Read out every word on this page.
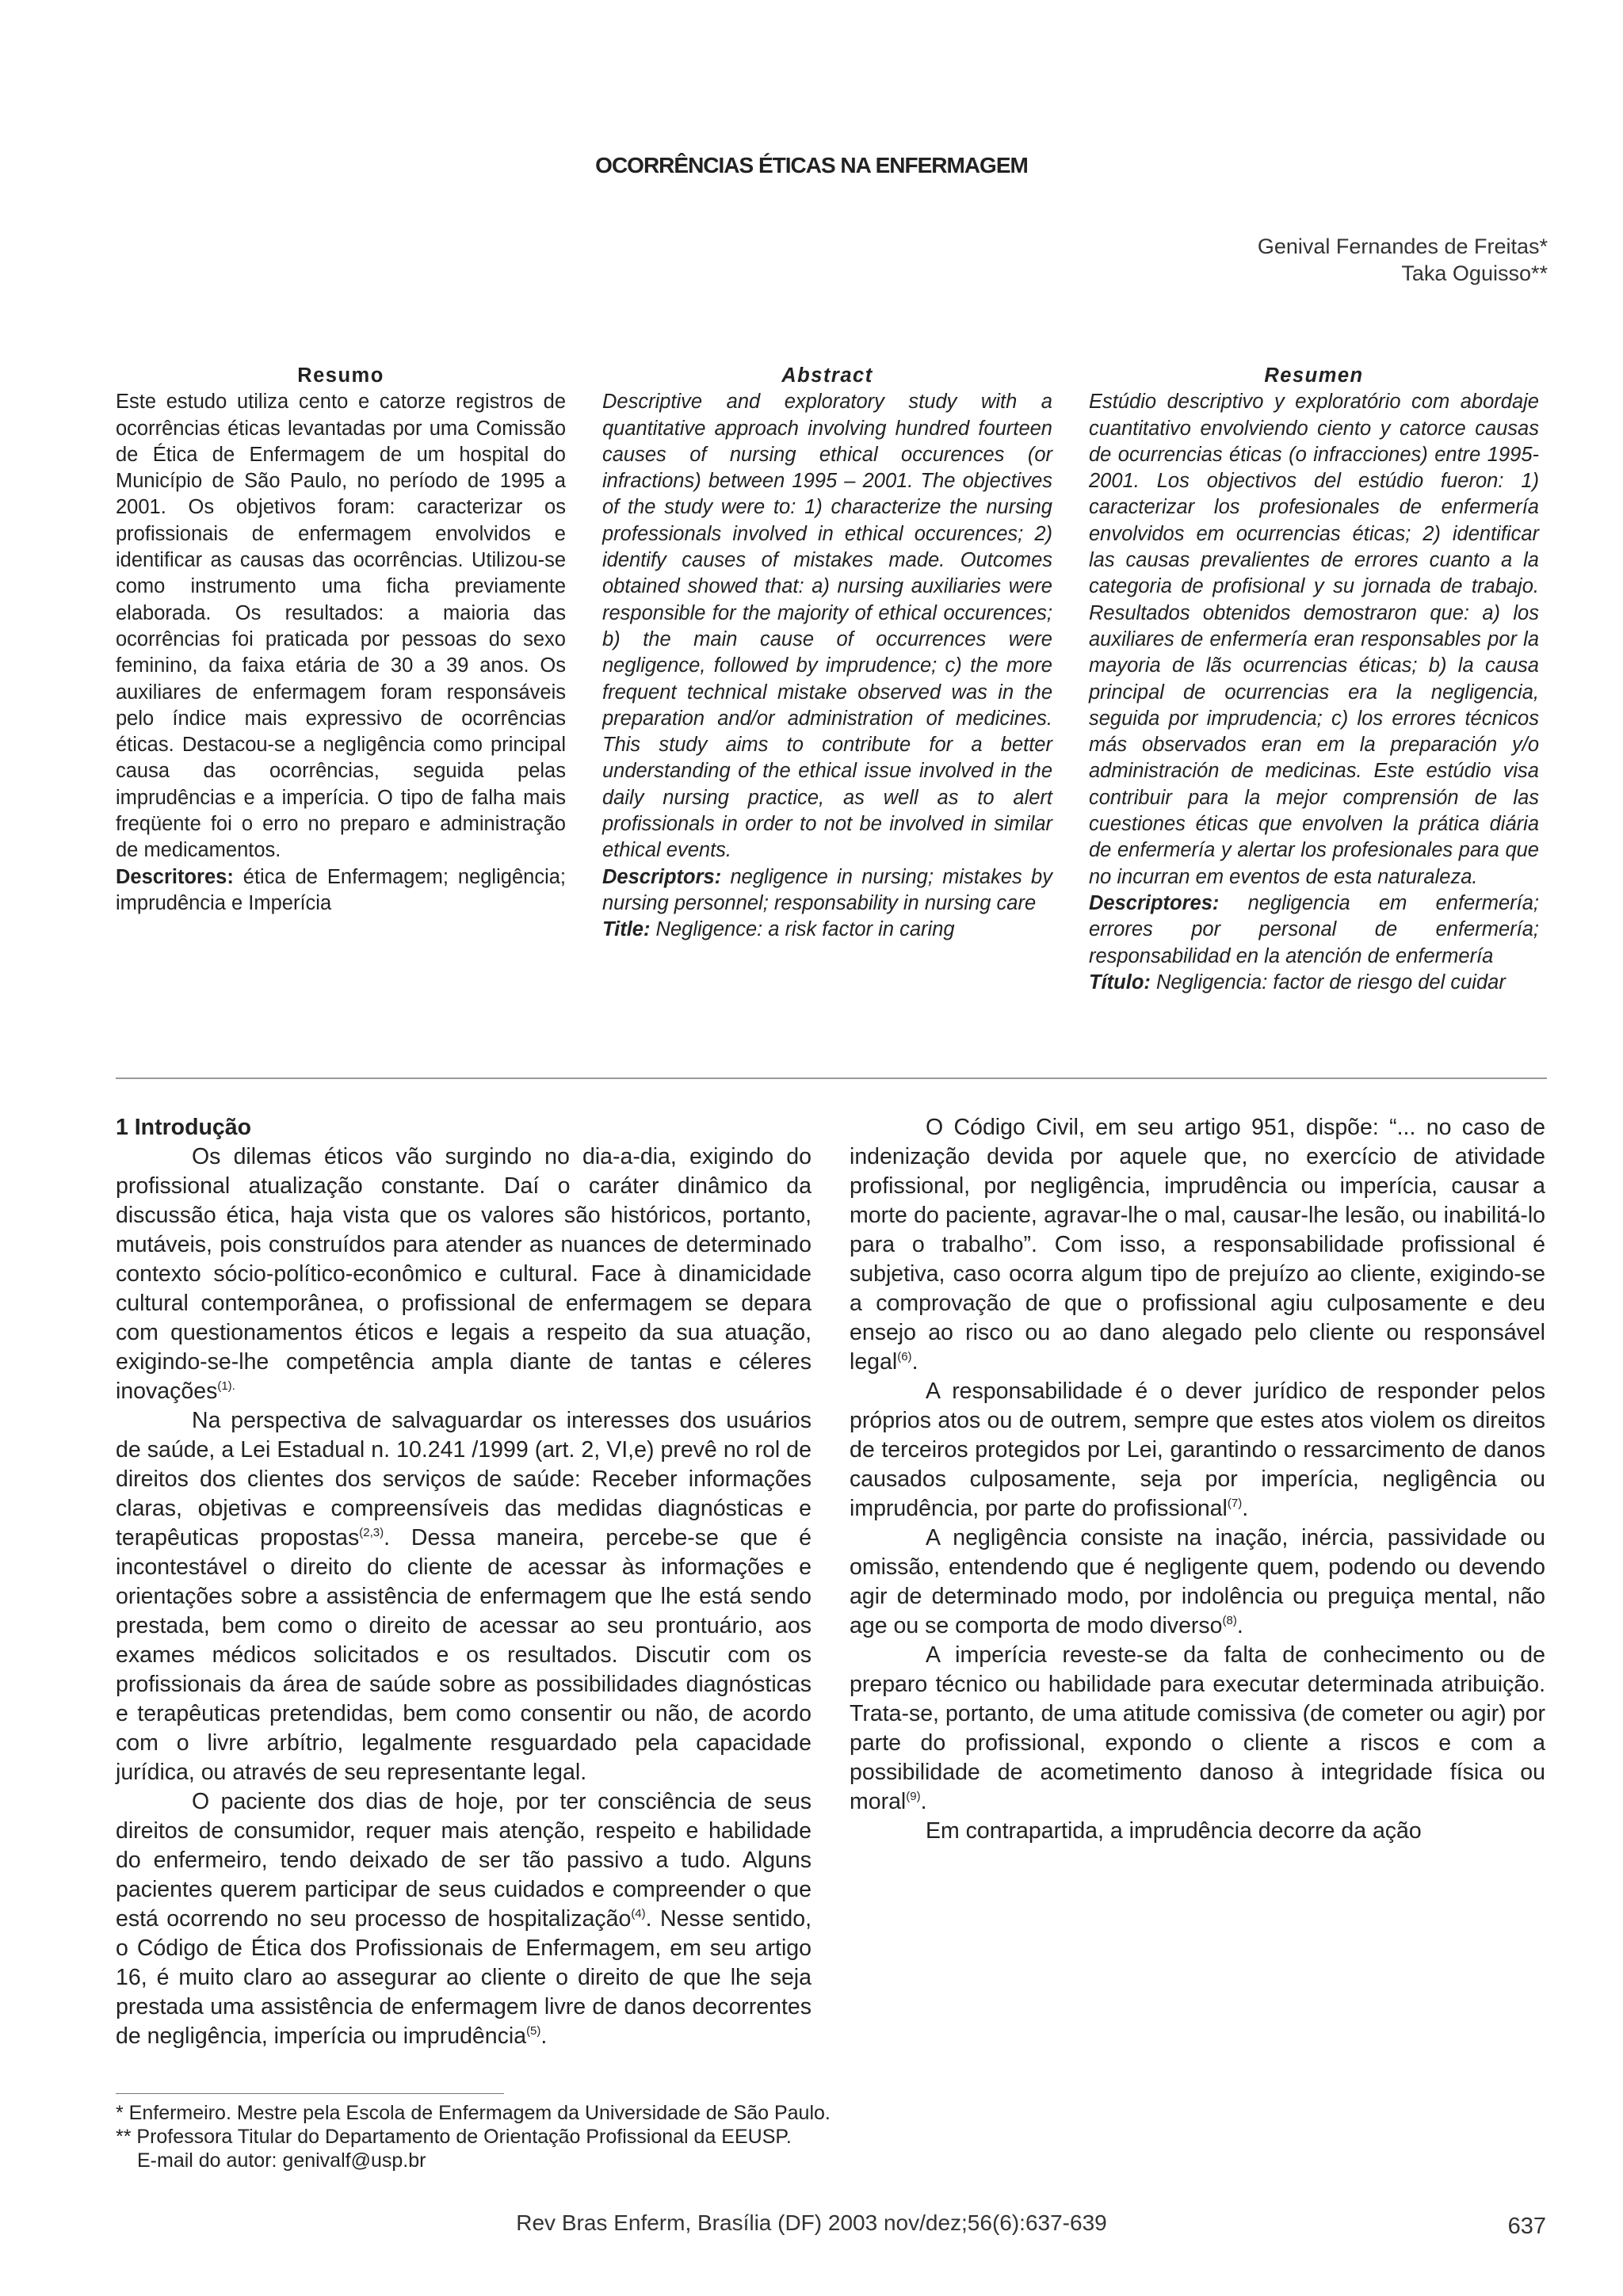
OCORRÊNCIAS ÉTICAS NA ENFERMAGEM
Genival Fernandes de Freitas*
Taka Oguisso**

Resumo

Este estudo utiliza cento e catorze registros de ocorrências éticas levantadas por uma Comissão de Ética de Enfermagem de um hospital do Município de São Paulo, no período de 1995 a 2001. Os objetivos foram: caracterizar os profissionais de enfermagem envolvidos e identificar as causas das ocorrências. Utilizou-se como instrumento uma ficha previamente elaborada. Os resultados: a maioria das ocorrências foi praticada por pessoas do sexo feminino, da faixa etária de 30 a 39 anos. Os auxiliares de enfermagem foram responsáveis pelo índice mais expressivo de ocorrências éticas. Destacou-se a negligência como principal causa das ocorrências, seguida pelas imprudências e a imperícia. O tipo de falha mais freqüente foi o erro no preparo e administração de medicamentos.

Descritores: ética de Enfermagem; negligência; imprudência e Imperícia

Abstract

Descriptive and exploratory study with a quantitative approach involving hundred fourteen causes of nursing ethical occurences (or infractions) between 1995 – 2001. The objectives of the study were to: 1) characterize the nursing professionals involved in ethical occurences; 2) identify causes of mistakes made. Outcomes obtained showed that: a) nursing auxiliaries were responsible for the majority of ethical occurences; b) the main cause of occurrences were negligence, followed by imprudence; c) the more frequent technical mistake observed was in the preparation and/or administration of medicines. This study aims to contribute for a better understanding of the ethical issue involved in the daily nursing practice, as well as to alert profissionals in order to not be involved in similar ethical events.

Descriptors: negligence in nursing; mistakes by nursing personnel; responsability in nursing care

Title: Negligence: a risk factor in caring

Resumen

Estúdio descriptivo y exploratório com abordaje cuantitativo envolviendo ciento y catorce causas de ocurrencias éticas (o infracciones) entre 1995-2001. Los objectivos del estúdio fueron: 1) caracterizar los profesionales de enfermería envolvidos em ocurrencias éticas; 2) identificar las causas prevalientes de errores cuanto a la categoria de profisional y su jornada de trabajo. Resultados obtenidos demostraron que: a) los auxiliares de enfermería eran responsables por la mayoria de lãs ocurrencias éticas; b) la causa principal de ocurrencias era la negligencia, seguida por imprudencia; c) los errores técnicos más observados eran em la preparación y/o administración de medicinas. Este estúdio visa contribuir para la mejor comprensión de las cuestiones éticas que envolven la prática diária de enfermería y alertar los profesionales para que no incurran em eventos de esta naturaleza.

Descriptores: negligencia em enfermería; errores por personal de enfermería; responsabilidad en la atención de enfermería

Título: Negligencia: factor de riesgo del cuidar

1 Introdução

Os dilemas éticos vão surgindo no dia-a-dia, exigindo do profissional atualização constante. Daí o caráter dinâmico da discussão ética, haja vista que os valores são históricos, portanto, mutáveis, pois construídos para atender as nuances de determinado contexto sócio-político-econômico e cultural. Face à dinamicidade cultural contemporânea, o profissional de enfermagem se depara com questionamentos éticos e legais a respeito da sua atuação, exigindo-se-lhe competência ampla diante de tantas e céleres inovações$^{(1).}$

Na perspectiva de salvaguardar os interesses dos usuários de saúde, a Lei Estadual n. 10.241 /1999 (art. 2, VI,e) prevê no rol de direitos dos clientes dos serviços de saúde: Receber informações claras, objetivas e compreensíveis das medidas diagnósticas e terapêuticas propostas$^{(2,3)}$. Dessa maneira, percebe-se que é incontestável o direito do cliente de acessar às informações e orientações sobre a assistência de enfermagem que lhe está sendo prestada, bem como o direito de acessar ao seu prontuário, aos exames médicos solicitados e os resultados. Discutir com os profissionais da área de saúde sobre as possibilidades diagnósticas e terapêuticas pretendidas, bem como consentir ou não, de acordo com o livre arbítrio, legalmente resguardado pela capacidade jurídica, ou através de seu representante legal.

O paciente dos dias de hoje, por ter consciência de seus direitos de consumidor, requer mais atenção, respeito e habilidade do enfermeiro, tendo deixado de ser tão passivo a tudo. Alguns pacientes querem participar de seus cuidados e compreender o que está ocorrendo no seu processo de hospitalização$^{(4)}$. Nesse sentido, o Código de Ética dos Profissionais de Enfermagem, em seu artigo 16, é muito claro ao assegurar ao cliente o direito de que lhe seja prestada uma assistência de enfermagem livre de danos decorrentes de negligência, imperícia ou imprudência$^{(5)}$.

O Código Civil, em seu artigo 951, dispõe: “... no caso de indenização devida por aquele que, no exercício de atividade profissional, por negligência, imprudência ou imperícia, causar a morte do paciente, agravar-lhe o mal, causar-lhe lesão, ou inabilitá-lo para o trabalho”. Com isso, a responsabilidade profissional é subjetiva, caso ocorra algum tipo de prejuízo ao cliente, exigindo-se a comprovação de que o profissional agiu culposamente e deu ensejo ao risco ou ao dano alegado pelo cliente ou responsável legal$^{(6)}$.

A responsabilidade é o dever jurídico de responder pelos próprios atos ou de outrem, sempre que estes atos violem os direitos de terceiros protegidos por Lei, garantindo o ressarcimento de danos causados culposamente, seja por imperícia, negligência ou imprudência, por parte do profissional$^{(7)}$.

A negligência consiste na inação, inércia, passividade ou omissão, entendendo que é negligente quem, podendo ou devendo agir de determinado modo, por indolência ou preguiça mental, não age ou se comporta de modo diverso$^{(8)}$.

A imperícia reveste-se da falta de conhecimento ou de preparo técnico ou habilidade para executar determinada atribuição. Trata-se, portanto, de uma atitude comissiva (de cometer ou agir) por parte do profissional, expondo o cliente a riscos e com a possibilidade de acometimento danoso à integridade física ou moral$^{(9)}$.

Em contrapartida, a imprudência decorre da ação

* Enfermeiro. Mestre pela Escola de Enfermagem da Universidade de São Paulo.
** Professora Titular do Departamento de Orientação Profissional da EEUSP.
E-mail do autor: genivalf@usp.br
Rev Bras Enferm, Brasília (DF) 2003 nov/dez;56(6):637-639	637
